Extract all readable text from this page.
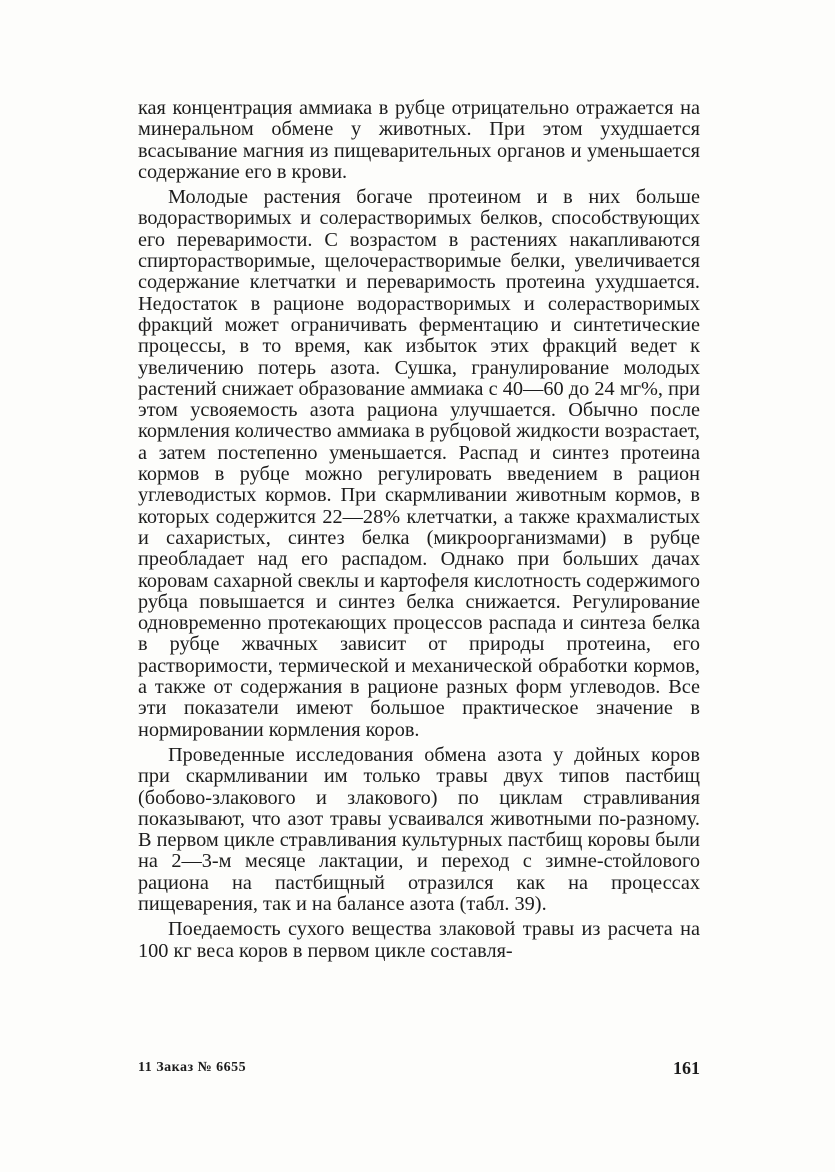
кая концентрация аммиака в рубце отрицательно отражается на минеральном обмене у животных. При этом ухудшается всасывание магния из пищеварительных органов и уменьшается содержание его в крови.

Молодые растения богаче протеином и в них больше водорастворимых и солерастворимых белков, способствующих его переваримости. С возрастом в растениях накапливаются спирторастворимые, щелочерастворимые белки, увеличивается содержание клетчатки и переваримость протеина ухудшается. Недостаток в рационе водорастворимых и солерастворимых фракций может ограничивать ферментацию и синтетические процессы, в то время, как избыток этих фракций ведет к увеличению потерь азота. Сушка, гранулирование молодых растений снижает образование аммиака с 40—60 до 24 мг%, при этом усвояемость азота рациона улучшается. Обычно после кормления количество аммиака в рубцовой жидкости возрастает, а затем постепенно уменьшается. Распад и синтез протеина кормов в рубце можно регулировать введением в рацион углеводистых кормов. При скармливании животным кормов, в которых содержится 22—28% клетчатки, а также крахмалистых и сахаристых, синтез белка (микроорганизмами) в рубце преобладает над его распадом. Однако при больших дачах коровам сахарной свеклы и картофеля кислотность содержимого рубца повышается и синтез белка снижается. Регулирование одновременно протекающих процессов распада и синтеза белка в рубце жвачных зависит от природы протеина, его растворимости, термической и механической обработки кормов, а также от содержания в рационе разных форм углеводов. Все эти показатели имеют большое практическое значение в нормировании кормления коров.

Проведенные исследования обмена азота у дойных коров при скармливании им только травы двух типов пастбищ (бобово-злакового и злакового) по циклам стравливания показывают, что азот травы усваивался животными по-разному. В первом цикле стравливания культурных пастбищ коровы были на 2—3-м месяце лактации, и переход с зимне-стойлового рациона на пастбищный отразился как на процессах пищеварения, так и на балансе азота (табл. 39).

Поедаемость сухого вещества злаковой травы из расчета на 100 кг веса коров в первом цикле составля-

11 Заказ № 6655	161
